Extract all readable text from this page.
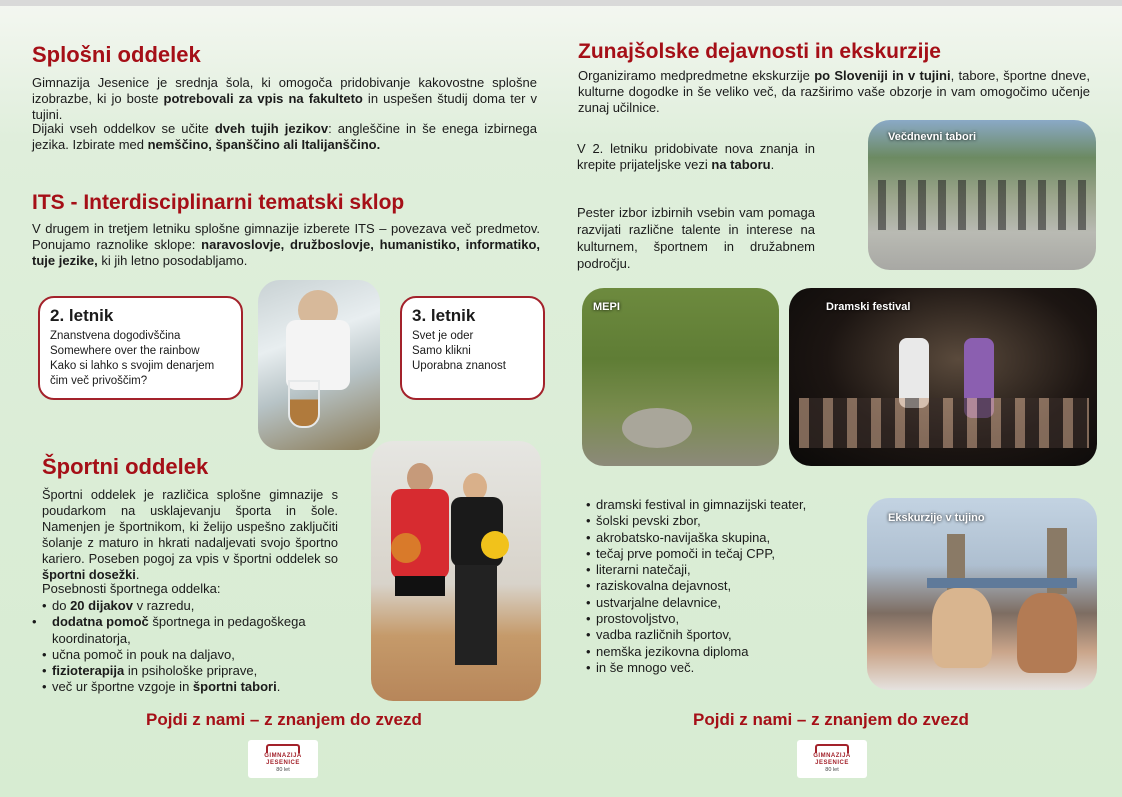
Splošni oddelek
Gimnazija Jesenice je srednja šola, ki omogoča pridobivanje kakovostne splošne izobrazbe, ki jo boste potrebovali za vpis na fakulteto in uspešen študij doma ter v tujini.
Dijaki vseh oddelkov se učite dveh tujih jezikov: angleščine in še enega izbirnega jezika. Izbirate med nemščino, španščino ali Italijanščino.
ITS - Interdisciplinarni tematski sklop
V drugem in tretjem letniku splošne gimnazije izberete ITS – povezava več predmetov. Ponujamo raznolike sklope: naravoslovje, družboslovje, humanistiko, informatiko, tuje jezike, ki jih letno posodabljamo.
2. letnik
Znanstvena dogodivščina
Somewhere over the rainbow
Kako si lahko s svojim denarjem čim več privoščim?
3. letnik
Svet je oder
Samo klikni
Uporabna znanost
Športni oddelek
Športni oddelek je različica splošne gimnazije s poudarkom na usklajevanju športa in šole. Namenjen je športnikom, ki želijo uspešno zaključiti šolanje z maturo in hkrati nadaljevati svojo športno kariero. Poseben pogoj za vpis v športni oddelek so športni dosežki.
Posebnosti športnega oddelka:
• do 20 dijakov v razredu,
• dodatna pomoč športnega in pedagoškega koordinatorja,
• učna pomoč in pouk na daljavo,
• fizioterapija in psihološke priprave,
• več ur športne vzgoje in športni tabori.
Pojdi z nami – z znanjem do zvezd
GIMNAZIJA
JESENICE
80 let
Zunajšolske dejavnosti in ekskurzije
Organiziramo medpredmetne ekskurzije po Sloveniji in v tujini, tabore, športne dneve, kulturne dogodke in še veliko več, da razširimo vaše obzorje in vam omogočimo učenje zunaj učilnice.
V 2. letniku pridobivate nova znanja in krepite prijateljske vezi na taboru.
Pester izbor izbirnih vsebin vam pomaga razvijati različne talente in interese na kulturnem, športnem in družabnem področju.
Večdnevni tabori
MEPI	Dramski festival
• dramski festival in gimnazijski teater,
• šolski pevski zbor,
• akrobatsko-navijaška skupina,
• tečaj prve pomoči in tečaj CPP,
• literarni natečaji,
• raziskovalna dejavnost,
• ustvarjalne delavnice,
• prostovoljstvo,
• vadba različnih športov,
• nemška jezikovna diploma
• in še mnogo več.
Ekskurzije v tujino
Pojdi z nami – z znanjem do zvezd
GIMNAZIJA
JESENICE
80 let
